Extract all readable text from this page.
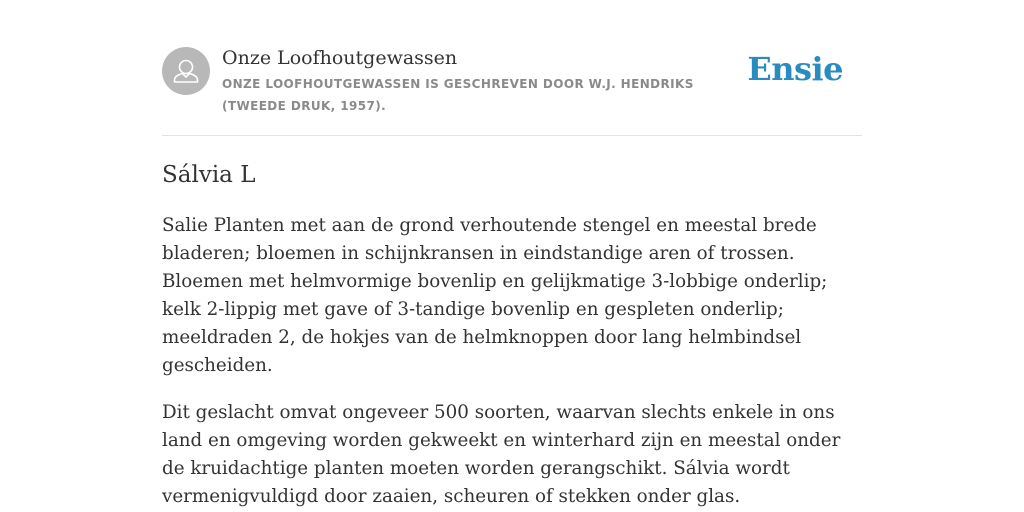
Onze Loofhoutgewassen
ONZE LOOFHOUTGEWASSEN IS GESCHREVEN DOOR W.J. HENDRIKS (TWEEDE DRUK, 1957).
Ensie
Sálvia L

Salie Planten met aan de grond verhoutende stengel en meestal brede bladeren; bloemen in schijnkransen in eindstandige aren of trossen. Bloemen met helmvormige bovenlip en gelijkmatige 3-lobbige onderlip; kelk 2-lippig met gave of 3-tandige bovenlip en gespleten onderlip; meeldraden 2, de hokjes van de helmknoppen door lang helmbindsel gescheiden.

Dit geslacht omvat ongeveer 500 soorten, waarvan slechts enkele in ons land en omgeving worden gekweekt en winterhard zijn en meestal onder de kruidachtige planten moeten worden gerangschikt. Sálvia wordt vermenigvuldigd door zaaien, scheuren of stekken onder glas.
